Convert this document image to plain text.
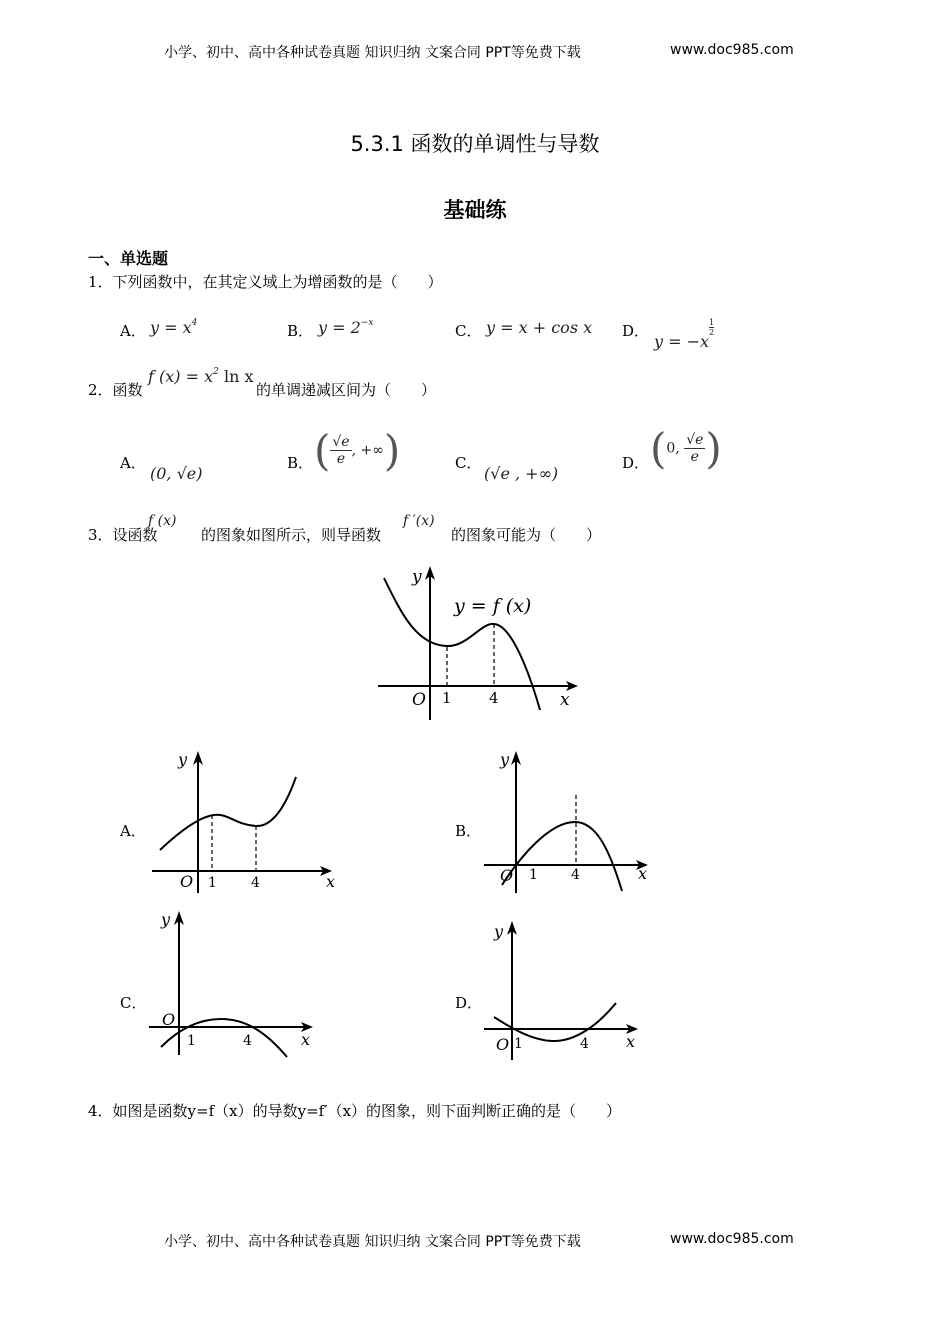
小学、初中、高中各种试卷真题 知识归纳 文案合同 PPT等免费下载	www.doc985.com
5.3.1 函数的单调性与导数
基础练
一、单选题
1．下列函数中，在其定义域上为增函数的是（　　）
A． $y = x^4$	B． $y = 2^{-x}$	C． y = x + cos x D．
y = −x
$\frac{1}{2}$
2．函数
f $(x) = x^2$ ln x
的单调递减区间为（　　）
A．
(0, √e)
B． ( $\frac{√e}{e}$ , +∞)	C．
(√e , +∞)
D． (0, $\frac{√e}{e}$ )
3．设函数
f (x)
的图象如图所示，则导函数
f ′(x)
的图象可能为（　　）
y
x
O 1 4
y = f (x)
A．
y
x
O 1 4
B．
y
x
O 1 4
C．
y
x
O
1	4
D．
y
x
O 1	4
4．如图是函数y=f（x）的导数y=f′（x）的图象，则下面判断正确的是（　　）
小学、初中、高中各种试卷真题 知识归纳 文案合同 PPT等免费下载	www.doc985.com
